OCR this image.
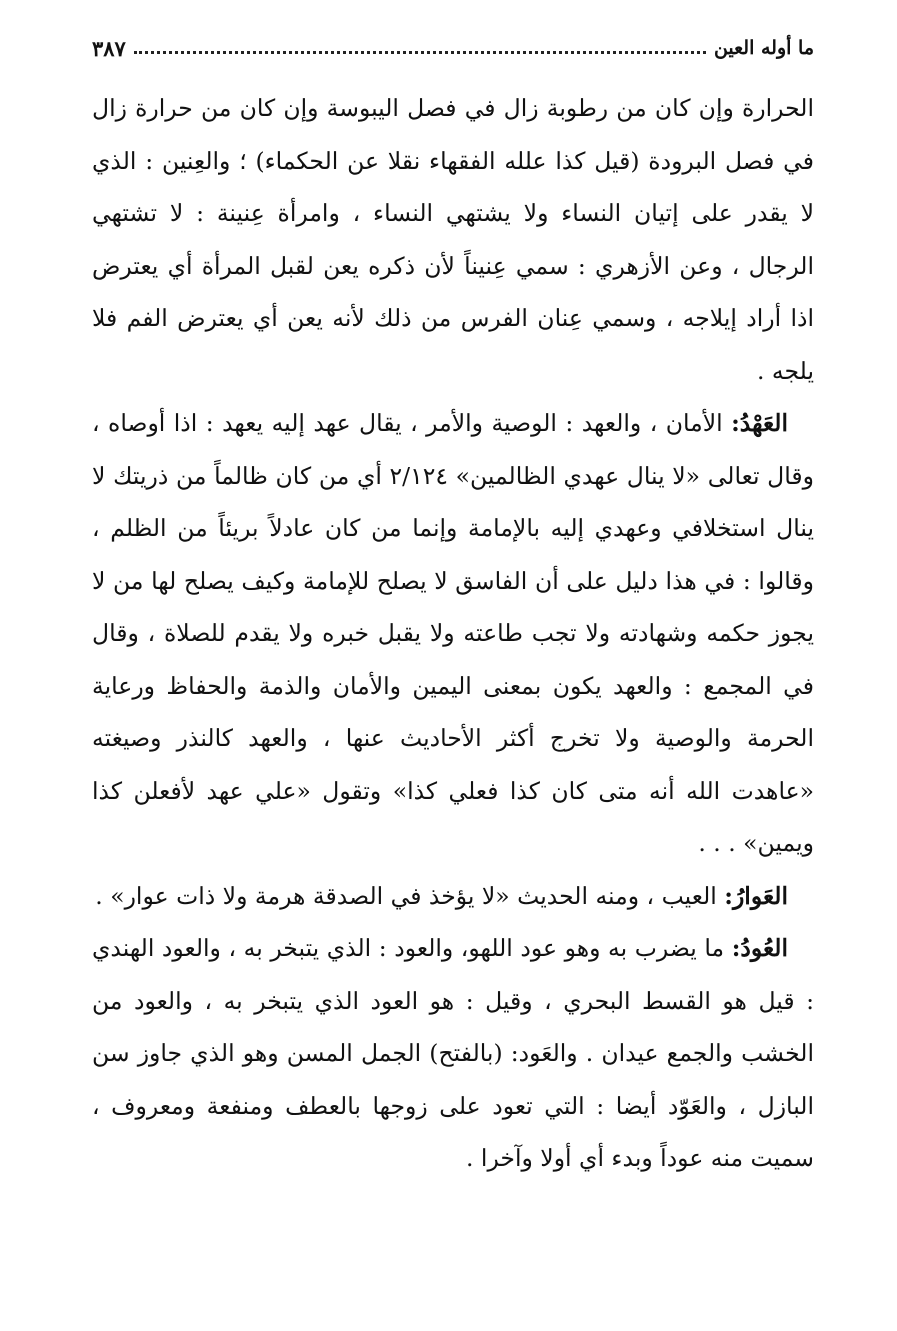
ما أوله العين
٣٨٧

الحرارة وإن كان من رطوبة زال في فصل اليبوسة وإن كان من حرارة زال في فصل البرودة (قيل كذا علله الفقهاء نقلا عن الحكماء) ؛ والعِنين : الذي لا يقدر على إتيان النساء ولا يشتهي النساء ، وامرأة عِنينة : لا تشتهي الرجال ، وعن الأزهري : سمي عِنيناً لأن ذكره يعن لقبل المرأة أي يعترض اذا أراد إيلاجه ، وسمي عِنان الفرس من ذلك لأنه يعن أي يعترض الفم فلا يلجه .

العَهْدُ: الأمان ، والعهد : الوصية والأمر ، يقال عهد إليه يعهد : اذا أوصاه ، وقال تعالى «لا ينال عهدي الظالمين» ٢/١٢٤ أي من كان ظالماً من ذريتك لا ينال استخلافي وعهدي إليه بالإمامة وإنما من كان عادلاً بريئاً من الظلم ، وقالوا : في هذا دليل على أن الفاسق لا يصلح للإمامة وكيف يصلح لها من لا يجوز حكمه وشهادته ولا تجب طاعته ولا يقبل خبره ولا يقدم للصلاة ، وقال في المجمع : والعهد يكون بمعنى اليمين والأمان والذمة والحفاظ ورعاية الحرمة والوصية ولا تخرج أكثر الأحاديث عنها ، والعهد كالنذر وصيغته «عاهدت الله أنه متى كان كذا فعلي كذا» وتقول «علي عهد لأفعلن كذا ويمين» . . .

العَوارُ: العيب ، ومنه الحديث «لا يؤخذ في الصدقة هرمة ولا ذات عوار» .

العُودُ: ما يضرب به وهو عود اللهو، والعود : الذي يتبخر به ، والعود الهندي : قيل هو القسط البحري ، وقيل : هو العود الذي يتبخر به ، والعود من الخشب والجمع عيدان . والعَود: (بالفتح) الجمل المسن وهو الذي جاوز سن البازل ، والعَوّد أيضا : التي تعود على زوجها بالعطف ومنفعة ومعروف ، سميت منه عوداً وبدء أي أولا وآخرا .
